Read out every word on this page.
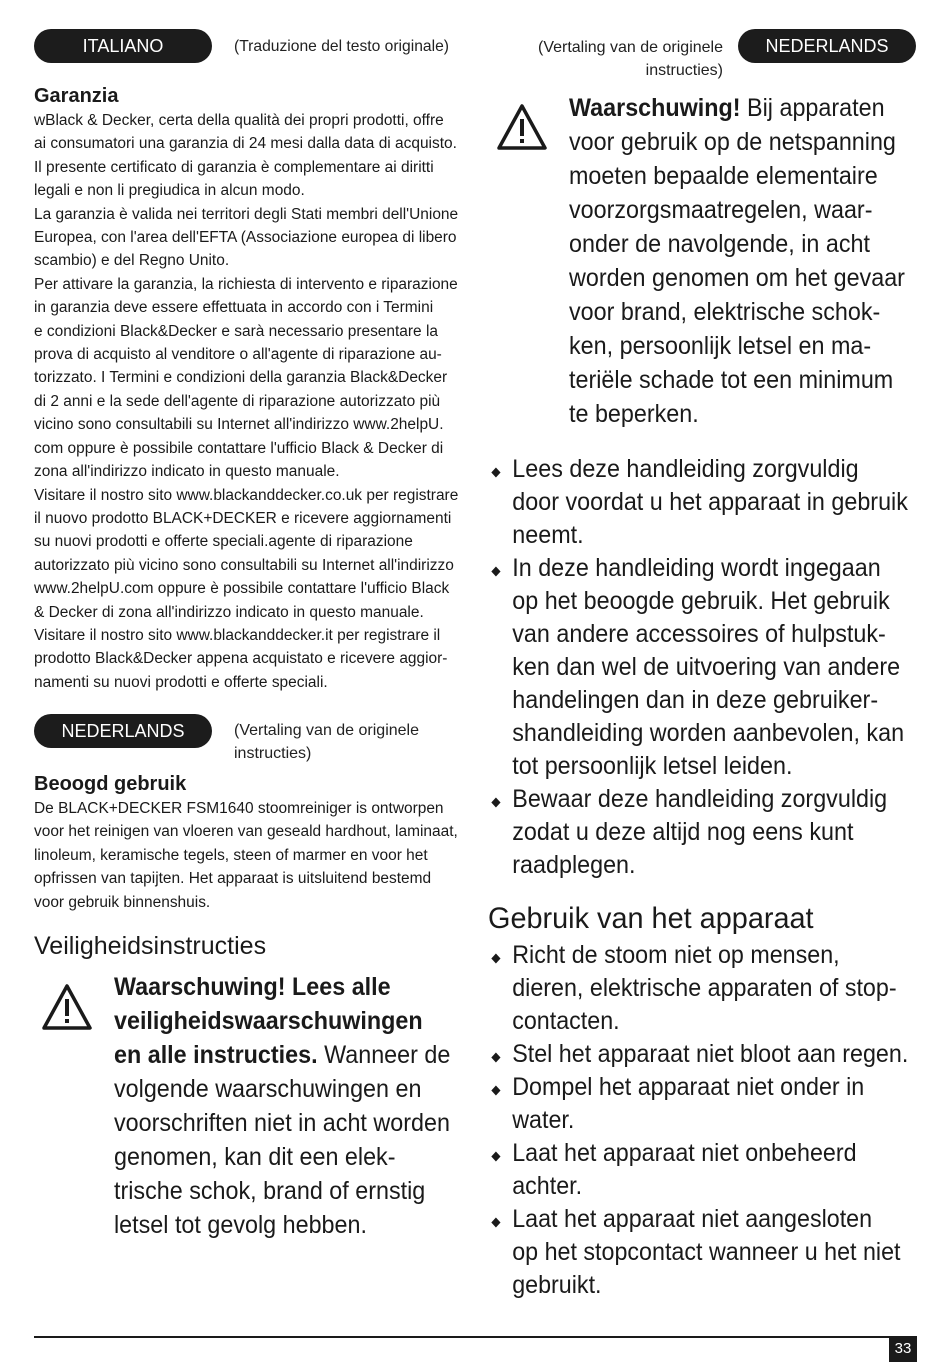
ITALIANO	(Traduzione del testo originale)	(Vertaling van de originele
instructies)
NEDERLANDS
Garanzia
wBlack & Decker, certa della qualità dei propri prodotti, offre
ai consumatori una garanzia di 24 mesi dalla data di acquisto.
Il presente certificato di garanzia è complementare ai diritti
legali e non li pregiudica in alcun modo.
La garanzia è valida nei territori degli Stati membri dell'Unione
Europea, con l'area dell'EFTA (Associazione europea di libero
scambio) e del Regno Unito.
Per attivare la garanzia, la richiesta di intervento e riparazione
in garanzia deve essere effettuata in accordo con i Termini
e condizioni Black&Decker e sarà necessario presentare la
prova di acquisto al venditore o all'agente di riparazione au-
torizzato. I Termini e condizioni della garanzia Black&Decker
di 2 anni e la sede dell'agente di riparazione autorizzato più
vicino sono consultabili su Internet all'indirizzo www.2helpU.
com oppure è possibile contattare l'ufficio Black & Decker di
zona all'indirizzo indicato in questo manuale.
Visitare il nostro sito www.blackanddecker.co.uk per registrare
il nuovo prodotto BLACK+DECKER e ricevere aggiornamenti
su nuovi prodotti e offerte speciali.agente di riparazione
autorizzato più vicino sono consultabili su Internet all'indirizzo
www.2helpU.com oppure è possibile contattare l'ufficio Black
& Decker di zona all'indirizzo indicato in questo manuale.
Visitare il nostro sito www.blackanddecker.it per registrare il
prodotto Black&Decker appena acquistato e ricevere aggior-
namenti su nuovi prodotti e offerte speciali.
NEDERLANDS	(Vertaling van de originele
instructies)
Beoogd gebruik
De BLACK+DECKER FSM1640 stoomreiniger is ontworpen
voor het reinigen van vloeren van geseald hardhout, laminaat,
linoleum, keramische tegels, steen of marmer en voor het
opfrissen van tapijten. Het apparaat is uitsluitend bestemd
voor gebruik binnenshuis.
Veiligheidsinstructies
Waarschuwing! Lees alle
veiligheidswaarschuwingen
en alle instructies. Wanneer de
volgende waarschuwingen en
voorschriften niet in acht worden
genomen, kan dit een elek-
trische schok, brand of ernstig
letsel tot gevolg hebben.
Waarschuwing! Bij apparaten
voor gebruik op de netspanning
moeten bepaalde elementaire
voorzorgsmaatregelen, waar-
onder de navolgende, in acht
worden genomen om het gevaar
voor brand, elektrische schok-
ken, persoonlijk letsel en ma-
teriële schade tot een minimum
te beperken.
Lees deze handleiding zorgvuldig
door voordat u het apparaat in gebruik
neemt.
In deze handleiding wordt ingegaan
op het beoogde gebruik. Het gebruik
van andere accessoires of hulpstuk-
ken dan wel de uitvoering van andere
handelingen dan in deze gebruiker-
shandleiding worden aanbevolen, kan
tot persoonlijk letsel leiden.
Bewaar deze handleiding zorgvuldig
zodat u deze altijd nog eens kunt
raadplegen.
Gebruik van het apparaat
Richt de stoom niet op mensen,
dieren, elektrische apparaten of stop-
contacten.
Stel het apparaat niet bloot aan regen.
Dompel het apparaat niet onder in
water.
Laat het apparaat niet onbeheerd
achter.
Laat het apparaat niet aangesloten
op het stopcontact wanneer u het niet
gebruikt.
33
